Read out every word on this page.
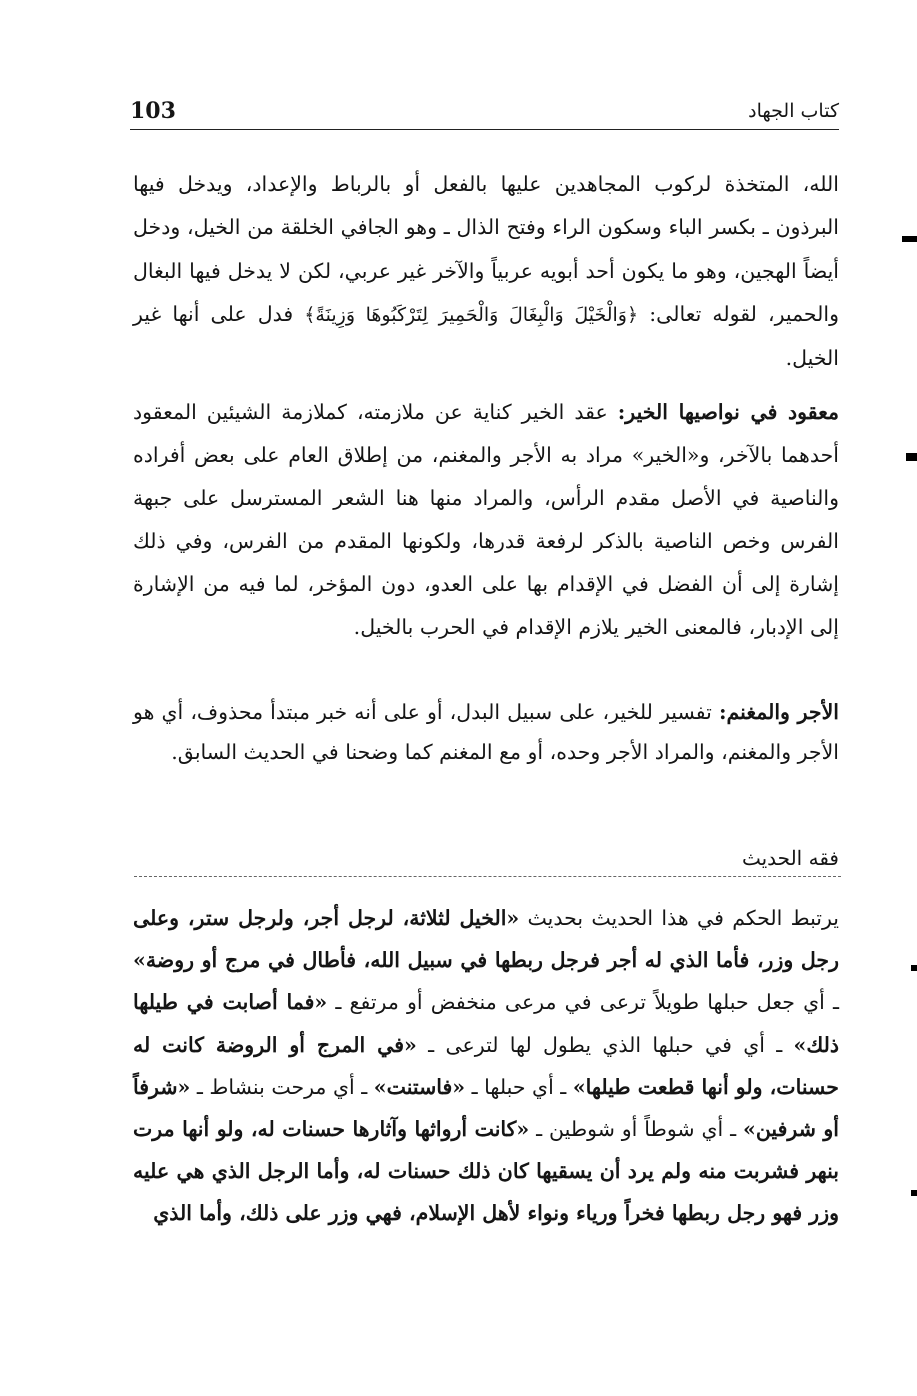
كتاب الجهاد
103
الله، المتخذة لركوب المجاهدين عليها بالفعل أو بالرباط والإعداد، ويدخل فيها البرذون ـ بكسر الباء وسكون الراء وفتح الذال ـ وهو الجافي الخلقة من الخيل، ودخل أيضاً الهجين، وهو ما يكون أحد أبويه عربياً والآخر غير عربي، لكن لا يدخل فيها البغال والحمير، لقوله تعالى: ﴿وَالْخَيْلَ وَالْبِغَالَ وَالْحَمِيرَ لِتَرْكَبُوهَا وَزِينَةً﴾ فدل على أنها غير الخيل.
معقود في نواصيها الخير: عقد الخير كناية عن ملازمته، كملازمة الشيئين المعقود أحدهما بالآخر، و«الخير» مراد به الأجر والمغنم، من إطلاق العام على بعض أفراده والناصية في الأصل مقدم الرأس، والمراد منها هنا الشعر المسترسل على جبهة الفرس وخص الناصية بالذكر لرفعة قدرها، ولكونها المقدم من الفرس، وفي ذلك إشارة إلى أن الفضل في الإقدام بها على العدو، دون المؤخر، لما فيه من الإشارة إلى الإدبار، فالمعنى الخير يلازم الإقدام في الحرب بالخيل.
الأجر والمغنم: تفسير للخير، على سبيل البدل، أو على أنه خبر مبتدأ محذوف، أي هو الأجر والمغنم، والمراد الأجر وحده، أو مع المغنم كما وضحنا في الحديث السابق.
فقه الحديث
يرتبط الحكم في هذا الحديث بحديث «الخيل لثلاثة، لرجل أجر، ولرجل ستر، وعلى رجل وزر، فأما الذي له أجر فرجل ربطها في سبيل الله، فأطال في مرج أو روضة» ـ أي جعل حبلها طويلاً ترعى في مرعى منخفض أو مرتفع ـ «فما أصابت في طيلها ذلك» ـ أي في حبلها الذي يطول لها لترعى ـ «في المرج أو الروضة كانت له حسنات، ولو أنها قطعت طيلها» ـ أي حبلها ـ «فاستنت» ـ أي مرحت بنشاط ـ «شرفاً أو شرفين» ـ أي شوطاً أو شوطين ـ «كانت أرواثها وآثارها حسنات له، ولو أنها مرت بنهر فشربت منه ولم يرد أن يسقيها كان ذلك حسنات له، وأما الرجل الذي هي عليه وزر فهو رجل ربطها فخراً ورياء ونواء لأهل الإسلام، فهي وزر على ذلك، وأما الذي
